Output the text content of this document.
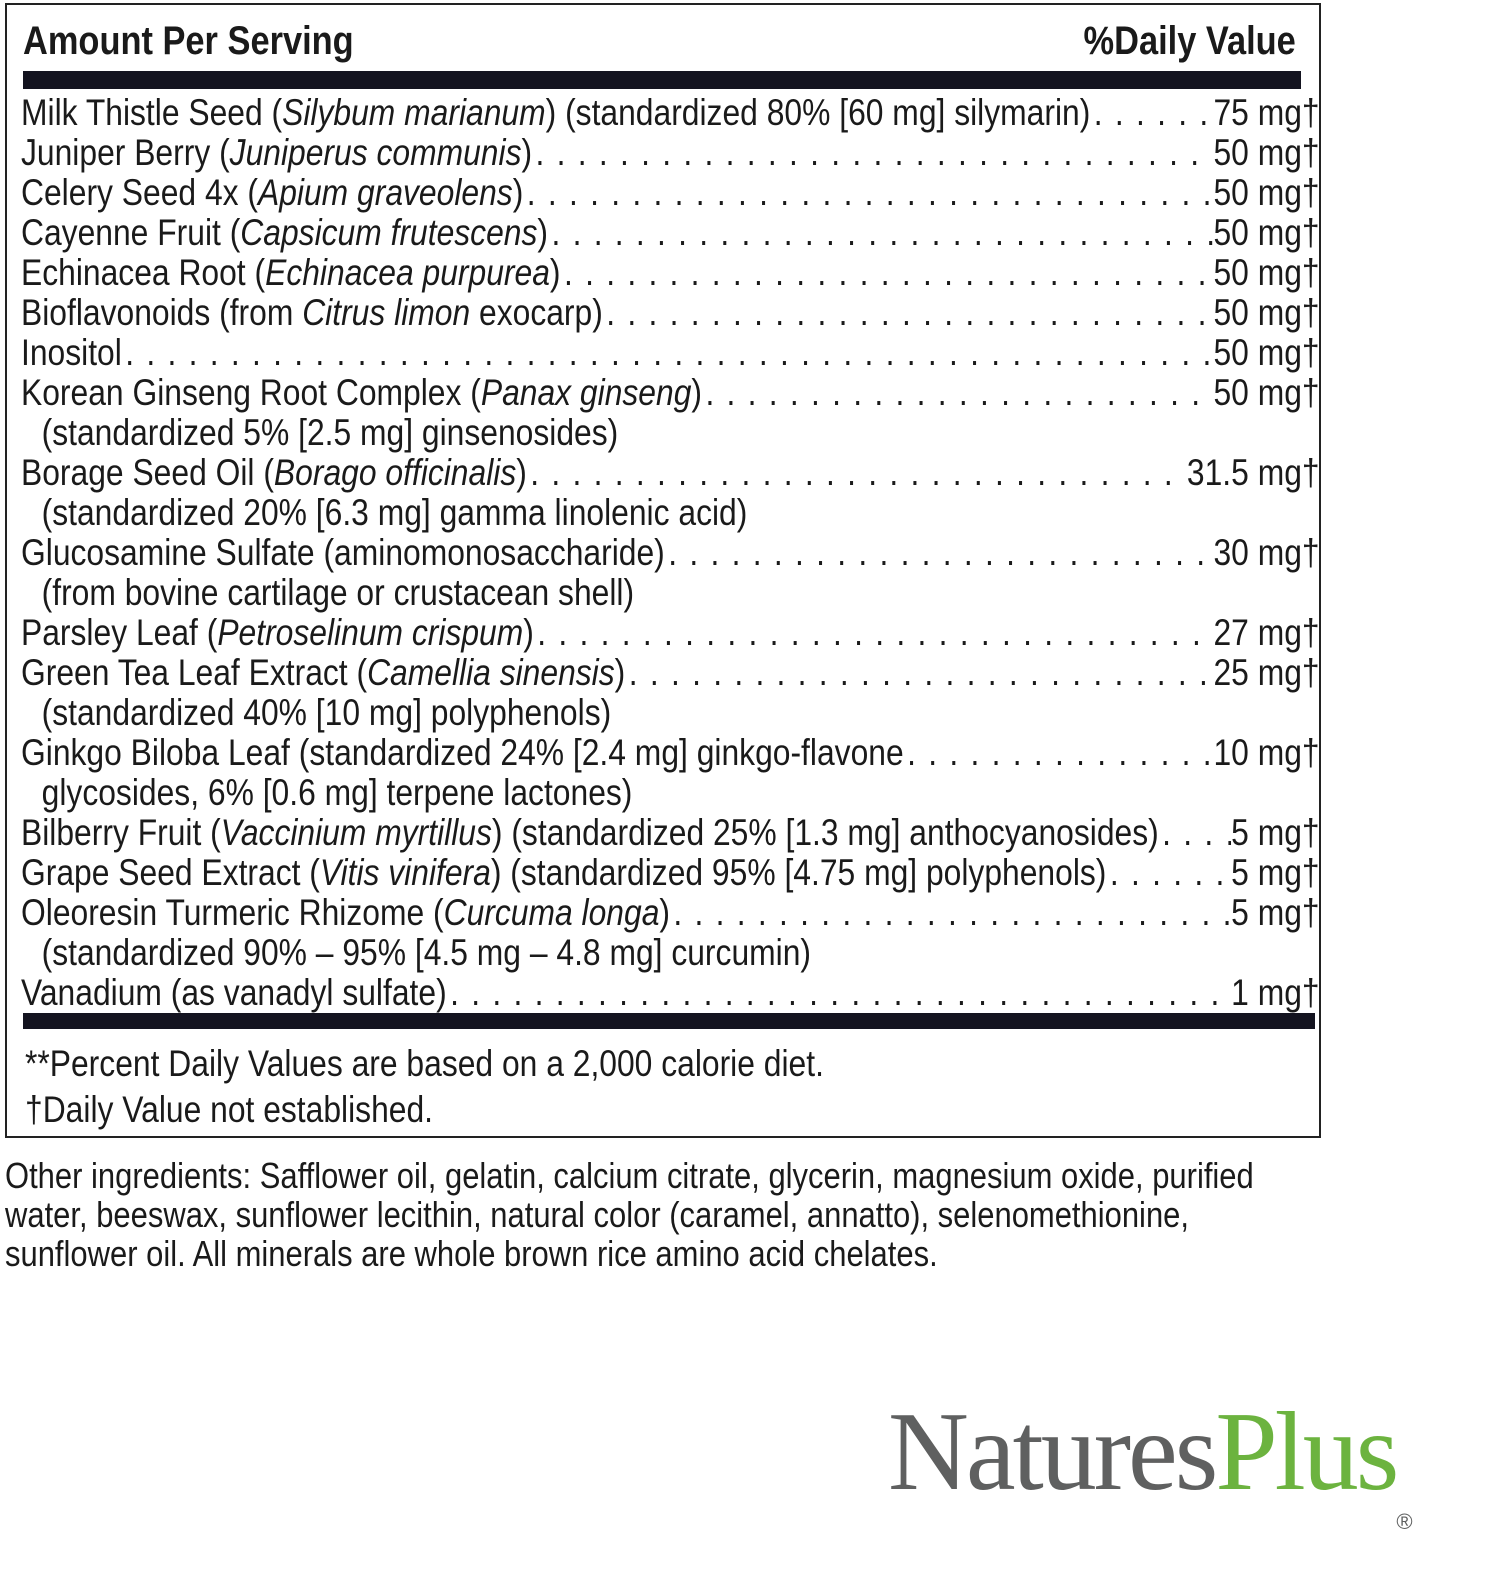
Amount Per Serving	%Daily Value
Milk Thistle Seed (Silybum marianum) (standardized 80% [60 mg] silymarin) . . .	75 mg†
Juniper Berry (Juniperus communis) . . .	50 mg†
Celery Seed 4x (Apium graveolens) . . .	50 mg†
Cayenne Fruit (Capsicum frutescens) . . .	50 mg†
Echinacea Root (Echinacea purpurea) . . .	50 mg†
Bioflavonoids (from Citrus limon exocarp) . . .	50 mg†
Inositol . . .	50 mg†
Korean Ginseng Root Complex (Panax ginseng) . . .	50 mg†
(standardized 5% [2.5 mg] ginsenosides)
Borage Seed Oil (Borago officinalis) . . .	31.5 mg†
(standardized 20% [6.3 mg] gamma linolenic acid)
Glucosamine Sulfate (aminomonosaccharide) . . .	30 mg†
(from bovine cartilage or crustacean shell)
Parsley Leaf (Petroselinum crispum) . . .	27 mg†
Green Tea Leaf Extract (Camellia sinensis) . . .	25 mg†
(standardized 40% [10 mg] polyphenols)
Ginkgo Biloba Leaf (standardized 24% [2.4 mg] ginkgo-flavone . . .	10 mg†
glycosides, 6% [0.6 mg] terpene lactones)
Bilberry Fruit (Vaccinium myrtillus) (standardized 25% [1.3 mg] anthocyanosides) . . . 5 mg†
Grape Seed Extract (Vitis vinifera) (standardized 95% [4.75 mg] polyphenols) . . .	5 mg†
Oleoresin Turmeric Rhizome (Curcuma longa) . . .	5 mg†
(standardized 90% – 95% [4.5 mg – 4.8 mg] curcumin)
Vanadium (as vanadyl sulfate) . . .	1 mg†
**Percent Daily Values are based on a 2,000 calorie diet.
†Daily Value not established.
Other ingredients: Safflower oil, gelatin, calcium citrate, glycerin, magnesium oxide, purified
water, beeswax, sunflower lecithin, natural color (caramel, annatto), selenomethionine,
sunflower oil. All minerals are whole brown rice amino acid chelates.
NaturesPlus®
